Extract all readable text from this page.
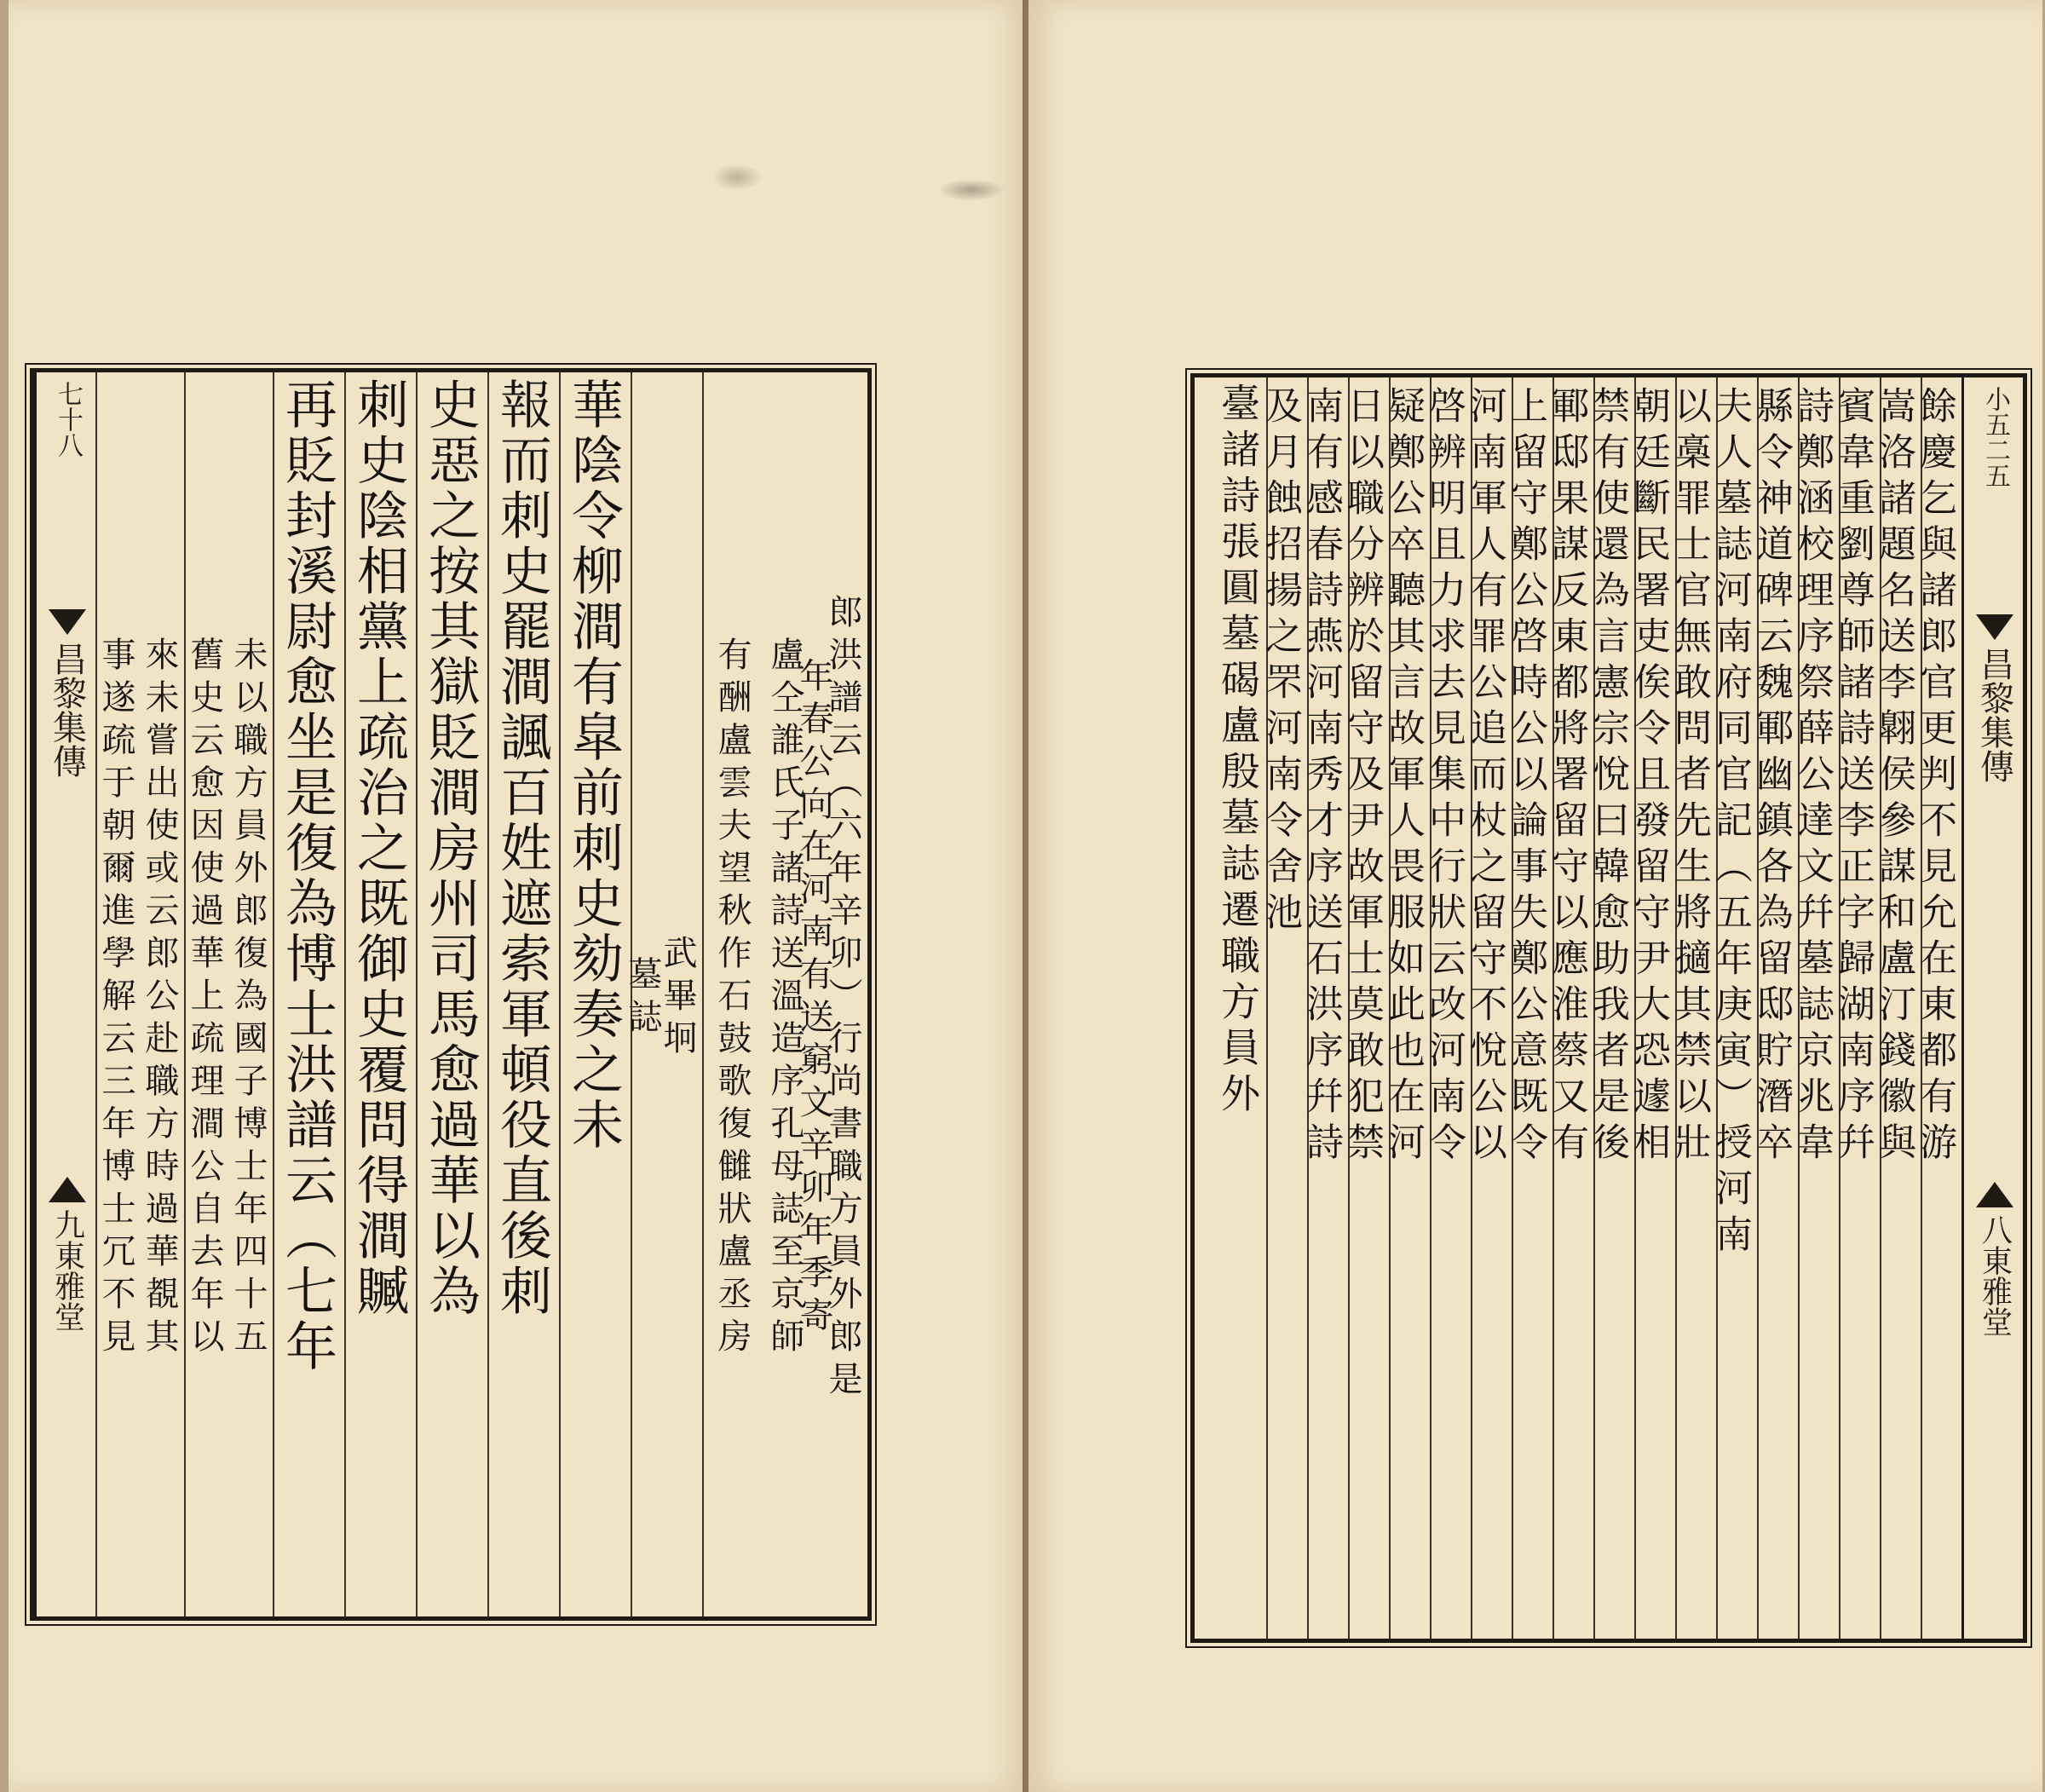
郎洪譜云（六年辛卯）行尚書職方員外郎是
年春公向在河南有送窮文辛卯年季寄
盧仝誰氏子諸詩送溫造序孔母誌至京師
有酬盧雲夫望秋作石鼓歌復雠狀盧丞房
武畢坰
墓誌
華陰令柳澗有皐前刺史劾奏之未
報而刺史罷澗諷百姓遮索軍頓役直後刺
史惡之按其獄貶澗房州司馬愈過華以為
刺史陰相黨上疏治之既御史覆問得澗贓
再貶封溪尉愈坐是復為博士洪譜云（七年
未以職方員外郎復為國子博士年四十五
舊史云愈因使過華上疏理澗公自去年以
來未嘗出使或云郎公赴職方時過華覩其
事遂疏于朝爾進學解云三年博士冗不見
七十八
昌黎集傳
九
東雅堂
小五二五
昌黎集傳
八
東雅堂
餘慶乞與諸郎官更判不見允在東都有游
嵩洛諸題名送李翺侯參謀和盧汀錢徽與
賓韋重劉尊師諸詩送李正字歸湖南序幷
詩鄭涵校理序祭薛公達文幷墓誌京兆韋
縣令神道碑云魏鄆幽鎮各為留邸貯潛卒
夫人墓誌河南府同官記（五年庚寅）授河南
以槀罪士官無敢問者先生將擿其禁以壯
朝廷斷民署吏俟令且發留守尹大恐遽相
禁有使還為言憲宗悅曰韓愈助我者是後
鄆邸果謀反東都將署留守以應淮蔡又有
上留守鄭公啓時公以論事失鄭公意既令
河南軍人有罪公追而杖之留守不悅公以
啓辨明且力求去見集中行狀云改河南令
疑鄭公卒聽其言故軍人畏服如此也在河
日以職分辨於留守及尹故軍士莫敢犯禁
南有感春詩燕河南秀才序送石洪序幷詩
及月蝕招揚之罘河南令舍池
臺諸詩張圓墓碣盧殷墓誌遷職方員外
